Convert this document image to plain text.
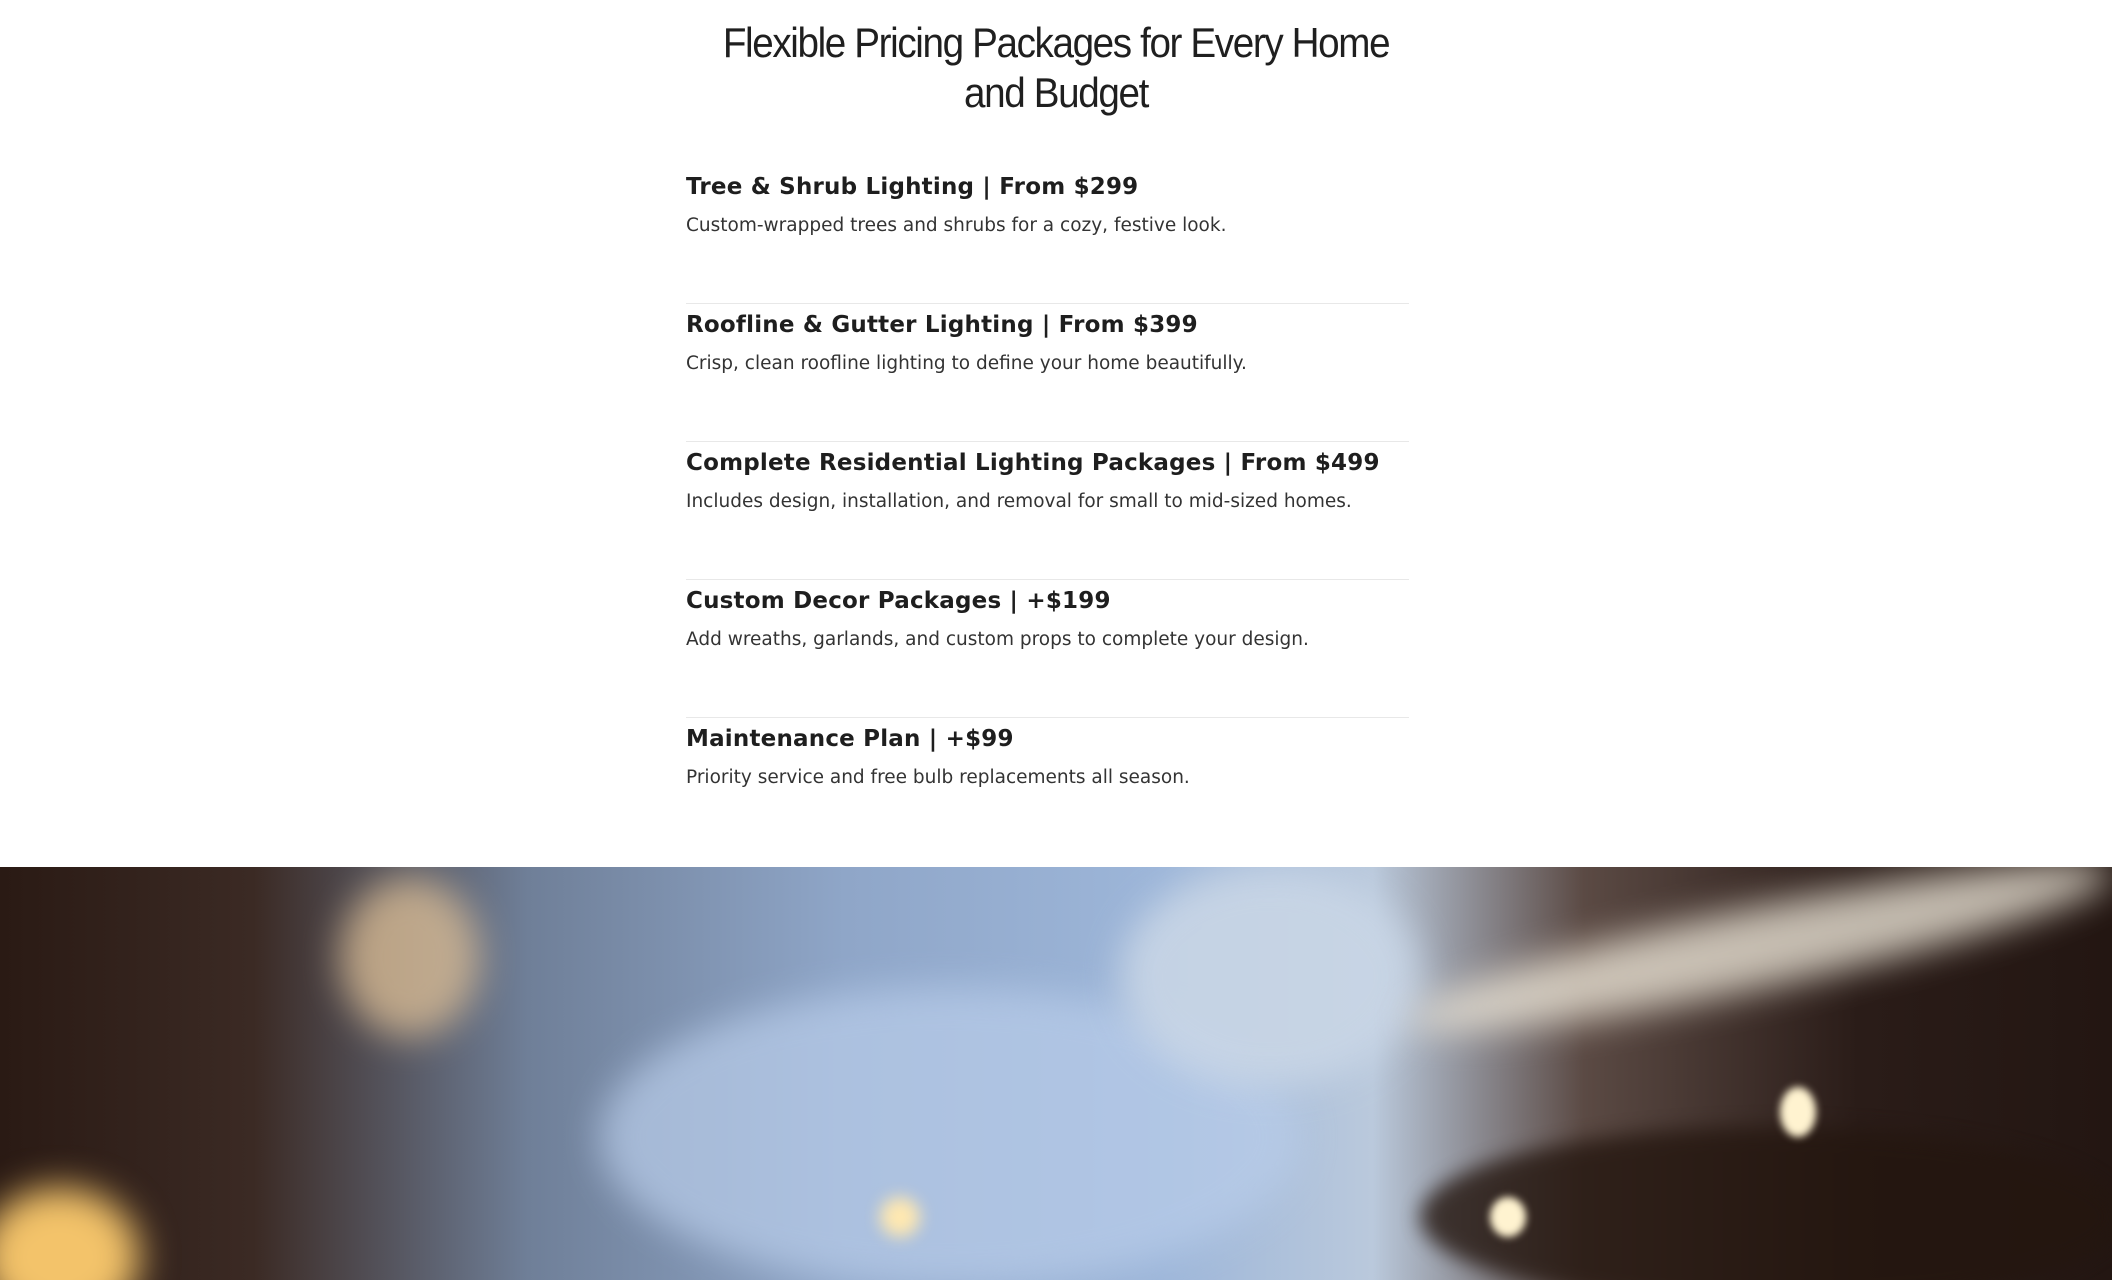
Flexible Pricing Packages for Every Home and Budget
Tree & Shrub Lighting | From $299
Custom-wrapped trees and shrubs for a cozy, festive look.
Roofline & Gutter Lighting | From $399
Crisp, clean roofline lighting to define your home beautifully.
Complete Residential Lighting Packages | From $499
Includes design, installation, and removal for small to mid-sized homes.
Custom Decor Packages | +$199
Add wreaths, garlands, and custom props to complete your design.
Maintenance Plan | +$99
Priority service and free bulb replacements all season.
